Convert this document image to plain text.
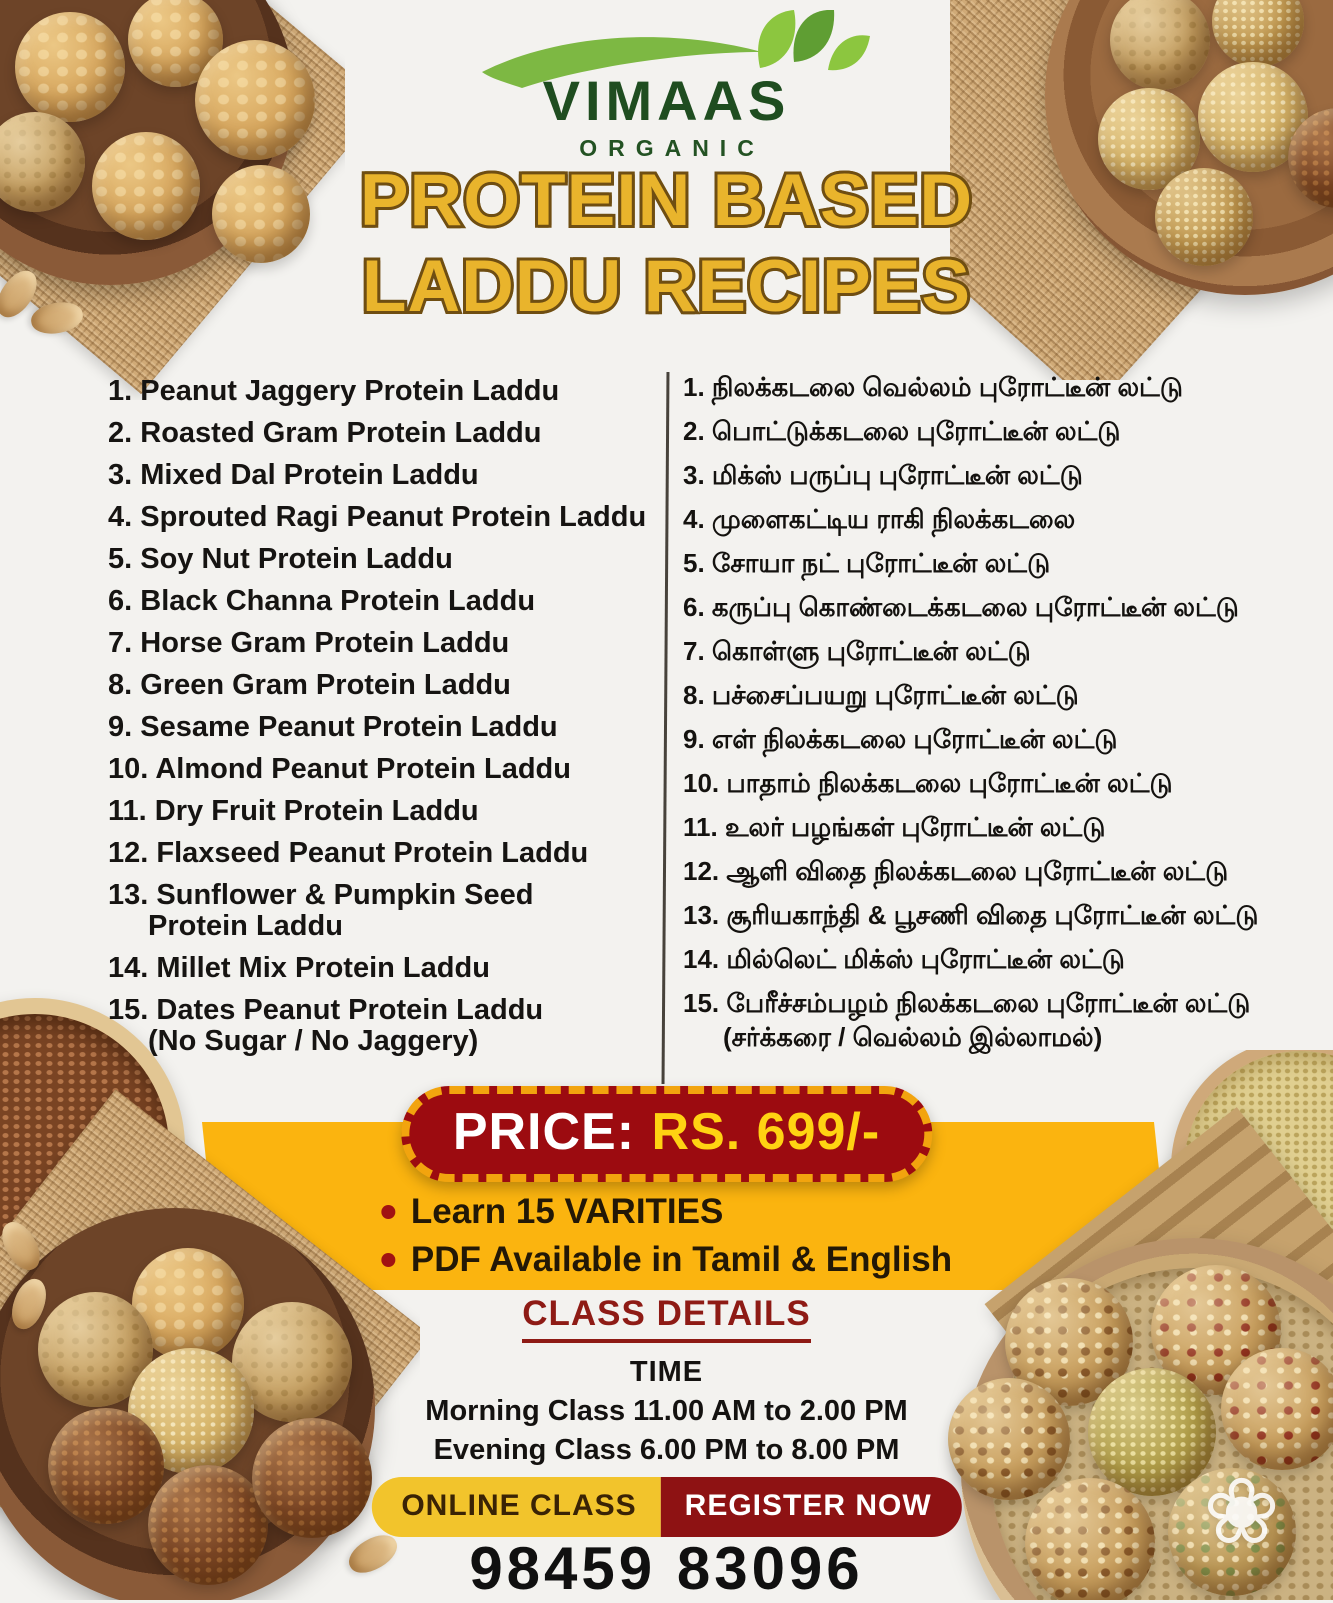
❀
VIMAAS
ORGANIC
PROTEIN BASED
LADDU RECIPES
1. Peanut Jaggery Protein Laddu
2. Roasted Gram Protein Laddu
3. Mixed Dal Protein Laddu
4. Sprouted Ragi Peanut Protein Laddu
5. Soy Nut Protein Laddu
6. Black Channa Protein Laddu
7. Horse Gram Protein Laddu
8. Green Gram Protein Laddu
9. Sesame Peanut Protein Laddu
10. Almond Peanut Protein Laddu
11. Dry Fruit Protein Laddu
12. Flaxseed Peanut Protein Laddu
13. Sunflower & Pumpkin Seed
Protein Laddu
14. Millet Mix Protein Laddu
15. Dates Peanut Protein Laddu
(No Sugar / No Jaggery)
1. நிலக்கடலை வெல்லம் புரோட்டீன் லட்டு
2. பொட்டுக்கடலை புரோட்டீன் லட்டு
3. மிக்ஸ் பருப்பு புரோட்டீன் லட்டு
4. முளைகட்டிய ராகி நிலக்கடலை
5. சோயா நட் புரோட்டீன் லட்டு
6. கருப்பு கொண்டைக்கடலை புரோட்டீன் லட்டு
7. கொள்ளு புரோட்டீன் லட்டு
8. பச்சைப்பயறு புரோட்டீன் லட்டு
9. எள் நிலக்கடலை புரோட்டீன் லட்டு
10. பாதாம் நிலக்கடலை புரோட்டீன் லட்டு
11. உலர் பழங்கள் புரோட்டீன் லட்டு
12. ஆளி விதை நிலக்கடலை புரோட்டீன் லட்டு
13. சூரியகாந்தி & பூசணி விதை புரோட்டீன் லட்டு
14. மில்லெட் மிக்ஸ் புரோட்டீன் லட்டு
15. பேரீச்சம்பழம் நிலக்கடலை புரோட்டீன் லட்டு
(சர்க்கரை / வெல்லம் இல்லாமல்)
PRICE: RS. 699/-
Learn 15 VARITIES
PDF Available in Tamil & English
CLASS DETAILS
TIME
Morning Class 11.00 AM to 2.00 PM
Evening Class 6.00 PM to 8.00 PM
ONLINE CLASS	REGISTER NOW
98459 83096
